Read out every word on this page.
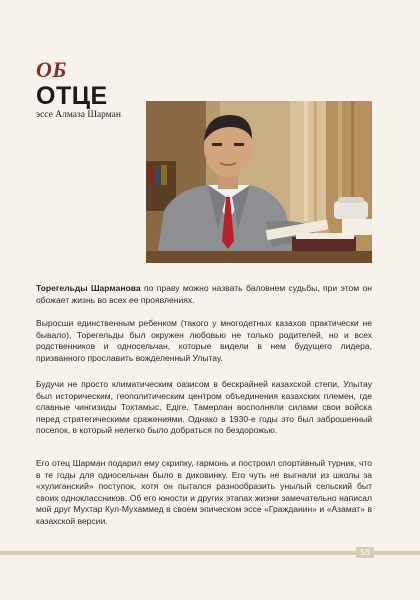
ОБ
ОТЦЕ
эссе Алмаза Шарман
Торегельды Шарманова по праву можно назвать баловнем судьбы, при этом он обожает жизнь во всех ее проявлениях.
Выросши единственным ребенком (такого у многодетных казахов практически не бывало), Торегельды был окружен любовью не только родителей, но и всех родственников и односельчан, которые видели в нем будущего лидера, призванного прославить вожделенный Улытау.
Будучи не просто климатическим оазисом в бескрайней казахской степи, Улытау был историческим, геополитическим центром объединения казахских племен, где славные чингизиды Тохтамыс, Едіге, Тамерлан восполняли силами свои войска перед стратегическими сражениями. Однако в 1930-е годы это был заброшенный поселок, в который нелегко было добраться по бездорожью.
Его отец Шарман подарил ему скрипку, гармонь и построил спортивный турник, что в те годы для односельчан было в диковинку. Его чуть не выгнали из школы за «хулиганский» поступок, хотя он пытался разнообразить унылый сельский быт своих одноклассников. Об его юности и других этапах жизни замечательно написал мой друг Мухтар Кул-Мухаммед в своем эпическом эссе «Гражданин» и «Азамат» в казахской версии.
53
